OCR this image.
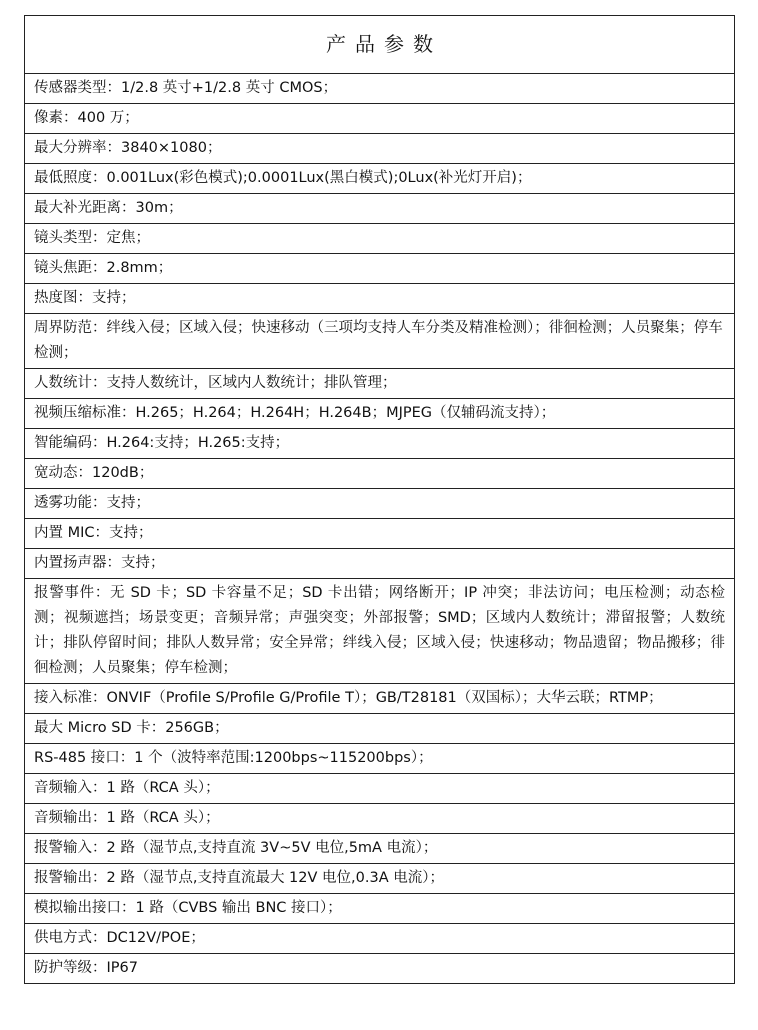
产品参数
传感器类型：1/2.8 英寸+1/2.8 英寸 CMOS；
像素：400 万；
最大分辨率：3840×1080；
最低照度：0.001Lux(彩色模式);0.0001Lux(黑白模式);0Lux(补光灯开启)；
最大补光距离：30m；
镜头类型：定焦；
镜头焦距：2.8mm；
热度图：支持；
周界防范：绊线入侵；区域入侵；快速移动（三项均支持人车分类及精准检测）；徘徊检测；人员聚集；停车检测；
人数统计：支持人数统计，区域内人数统计；排队管理；
视频压缩标准：H.265；H.264；H.264H；H.264B；MJPEG（仅辅码流支持）；
智能编码：H.264:支持；H.265:支持；
宽动态：120dB；
透雾功能：支持；
内置 MIC：支持；
内置扬声器：支持；
报警事件：无 SD 卡；SD 卡容量不足；SD 卡出错；网络断开；IP 冲突；非法访问；电压检测；动态检测；视频遮挡；场景变更；音频异常；声强突变；外部报警；SMD；区域内人数统计；滞留报警；人数统计；排队停留时间；排队人数异常；安全异常；绊线入侵；区域入侵；快速移动；物品遗留；物品搬移；徘徊检测；人员聚集；停车检测；
接入标准：ONVIF（Profile S/Profile G/Profile T）；GB/T28181（双国标）；大华云联；RTMP；
最大 Micro SD 卡：256GB；
RS-485 接口：1 个（波特率范围:1200bps~115200bps）；
音频输入：1 路（RCA 头）；
音频输出：1 路（RCA 头）；
报警输入：2 路（湿节点,支持直流 3V~5V 电位,5mA 电流）；
报警输出：2 路（湿节点,支持直流最大 12V 电位,0.3A 电流）；
模拟输出接口：1 路（CVBS 输出 BNC 接口）；
供电方式：DC12V/POE；
防护等级：IP67
